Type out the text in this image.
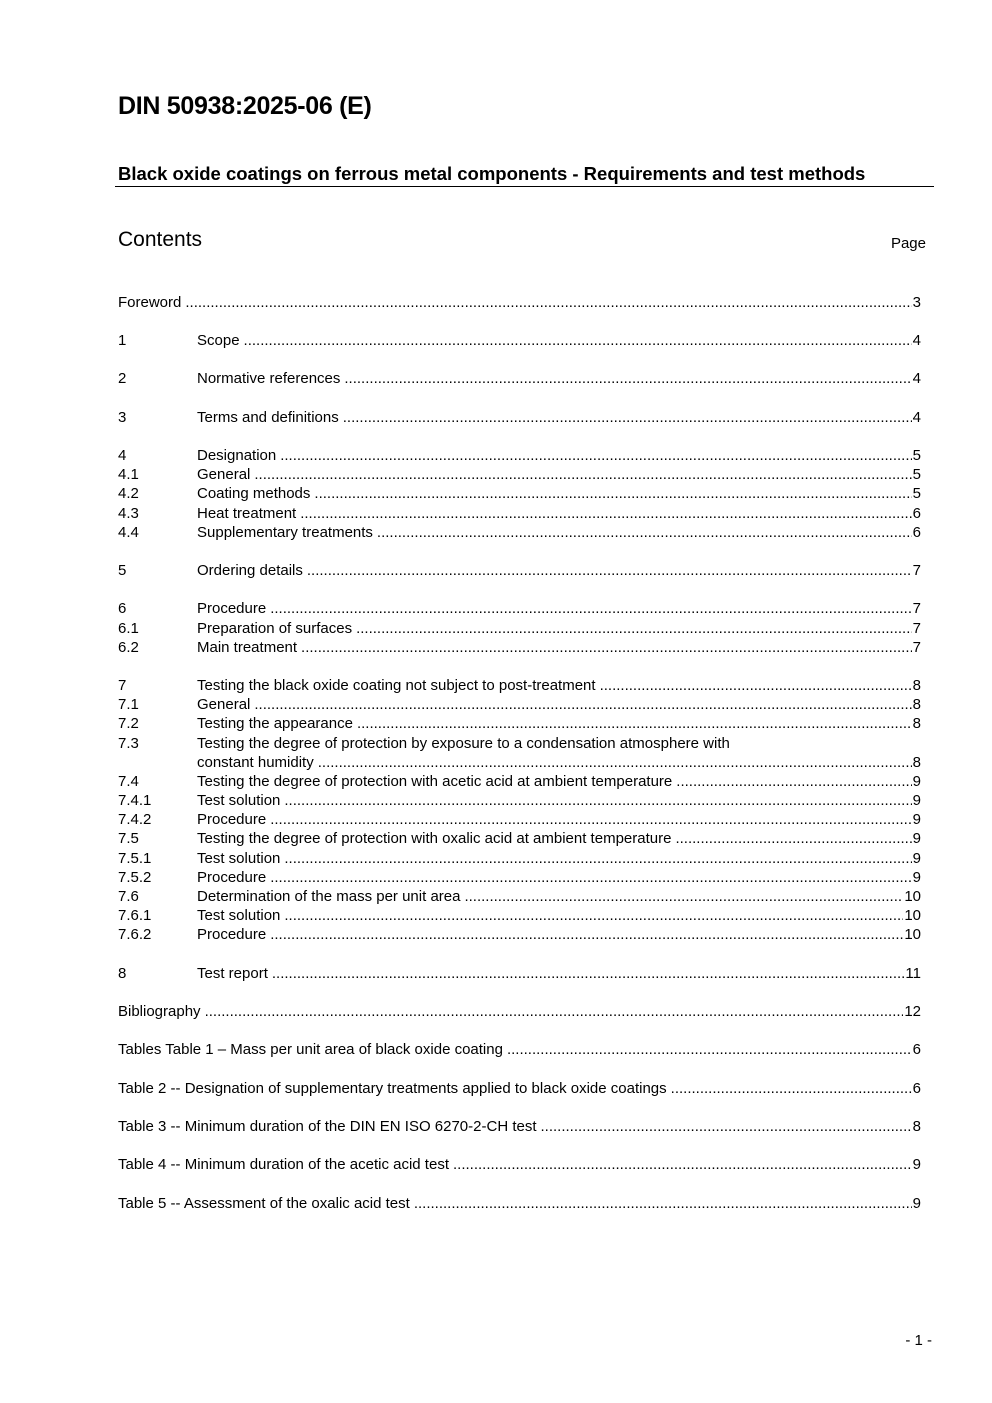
DIN 50938:2025-06 (E)
Black oxide coatings on ferrous metal components - Requirements and test methods
Contents	Page
Foreword .....	3
1	Scope .....	4
2	Normative references .....	4
3	Terms and definitions .....	4
4	Designation .....	5
4.1	General .....	5
4.2	Coating methods .....	5
4.3	Heat treatment .....	6
4.4	Supplementary treatments .....	6
5	Ordering details .....	7
6	Procedure .....	7
6.1	Preparation of surfaces .....	7
6.2	Main treatment .....	7
7	Testing the black oxide coating not subject to post-treatment .....	8
7.1	General .....	8
7.2	Testing the appearance .....	8
7.3	Testing the degree of protection by exposure to a condensation atmosphere with
constant humidity .....	8
7.4	Testing the degree of protection with acetic acid at ambient temperature .....	9
7.4.1	Test solution .....	9
7.4.2	Procedure .....	9
7.5	Testing the degree of protection with oxalic acid at ambient temperature .....	9
7.5.1	Test solution .....	9
7.5.2	Procedure .....	9
7.6	Determination of the mass per unit area .....	10
7.6.1	Test solution .....	10
7.6.2	Procedure .....	10
8	Test report .....	11
Bibliography .....	12
Tables Table 1 – Mass per unit area of black oxide coating .....	6
Table 2 -- Designation of supplementary treatments applied to black oxide coatings .....	6
Table 3 -- Minimum duration of the DIN EN ISO 6270-2-CH test .....	8
Table 4 -- Minimum duration of the acetic acid test .....	9
Table 5 -- Assessment of the oxalic acid test .....	9
- 1 -
